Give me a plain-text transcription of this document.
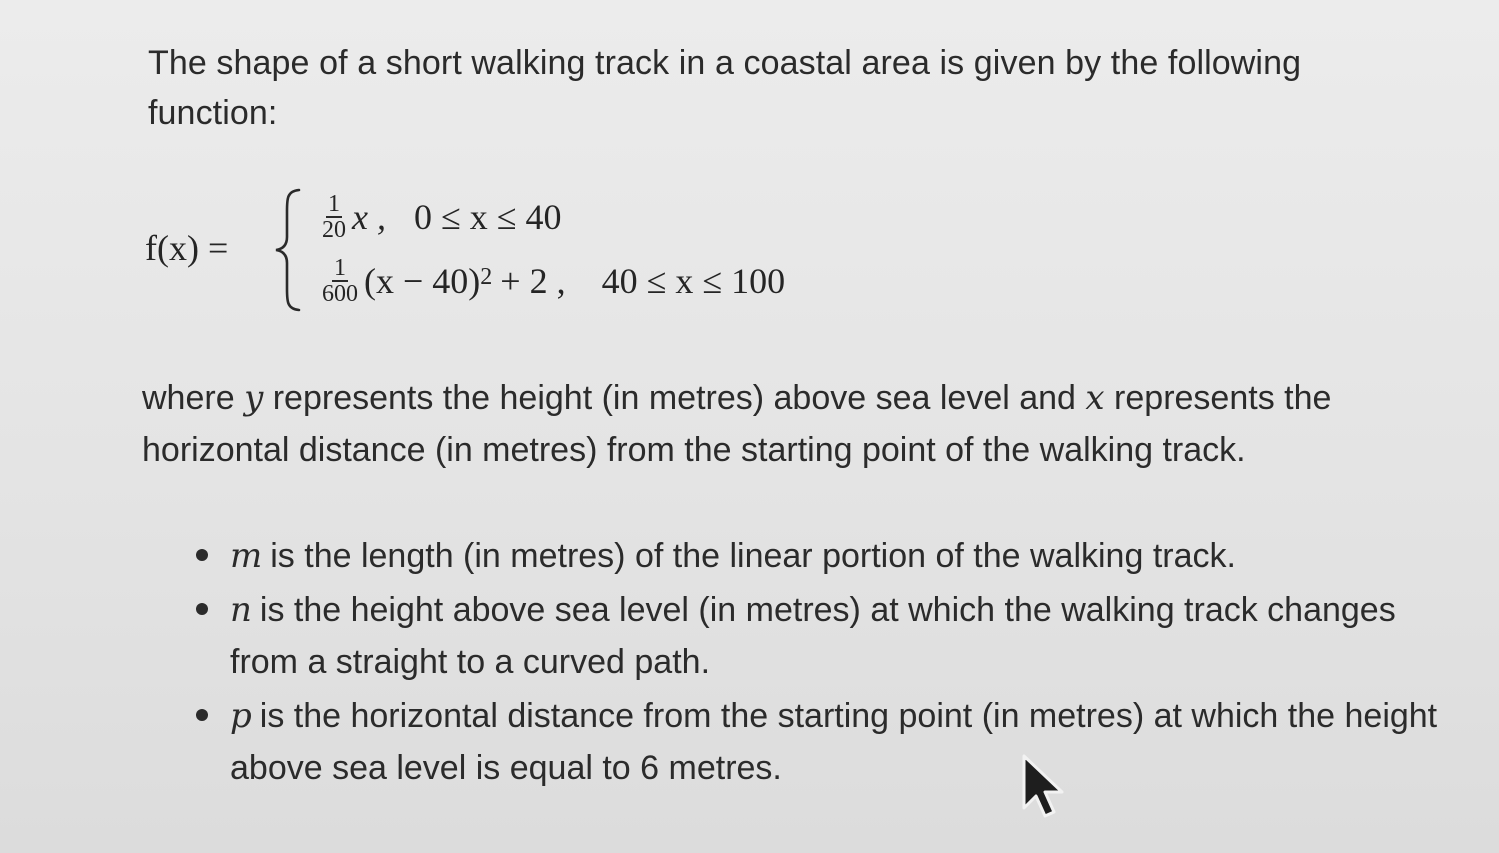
The shape of a short walking track in a coastal area is given by the following function:

f(x) =
$\frac{1}{20}$ x , 0 ≤ x ≤ 40
$\frac{1}{600} (x - 40)^2 + 2$ , 40 ≤ x ≤ 100

where y represents the height (in metres) above sea level and x represents the horizontal distance (in metres) from the starting point of the walking track.

m is the length (in metres) of the linear portion of the walking track.
n is the height above sea level (in metres) at which the walking track changes from a straight to a curved path.
p is the horizontal distance from the starting point (in metres) at which the height above sea level is equal to 6 metres.
